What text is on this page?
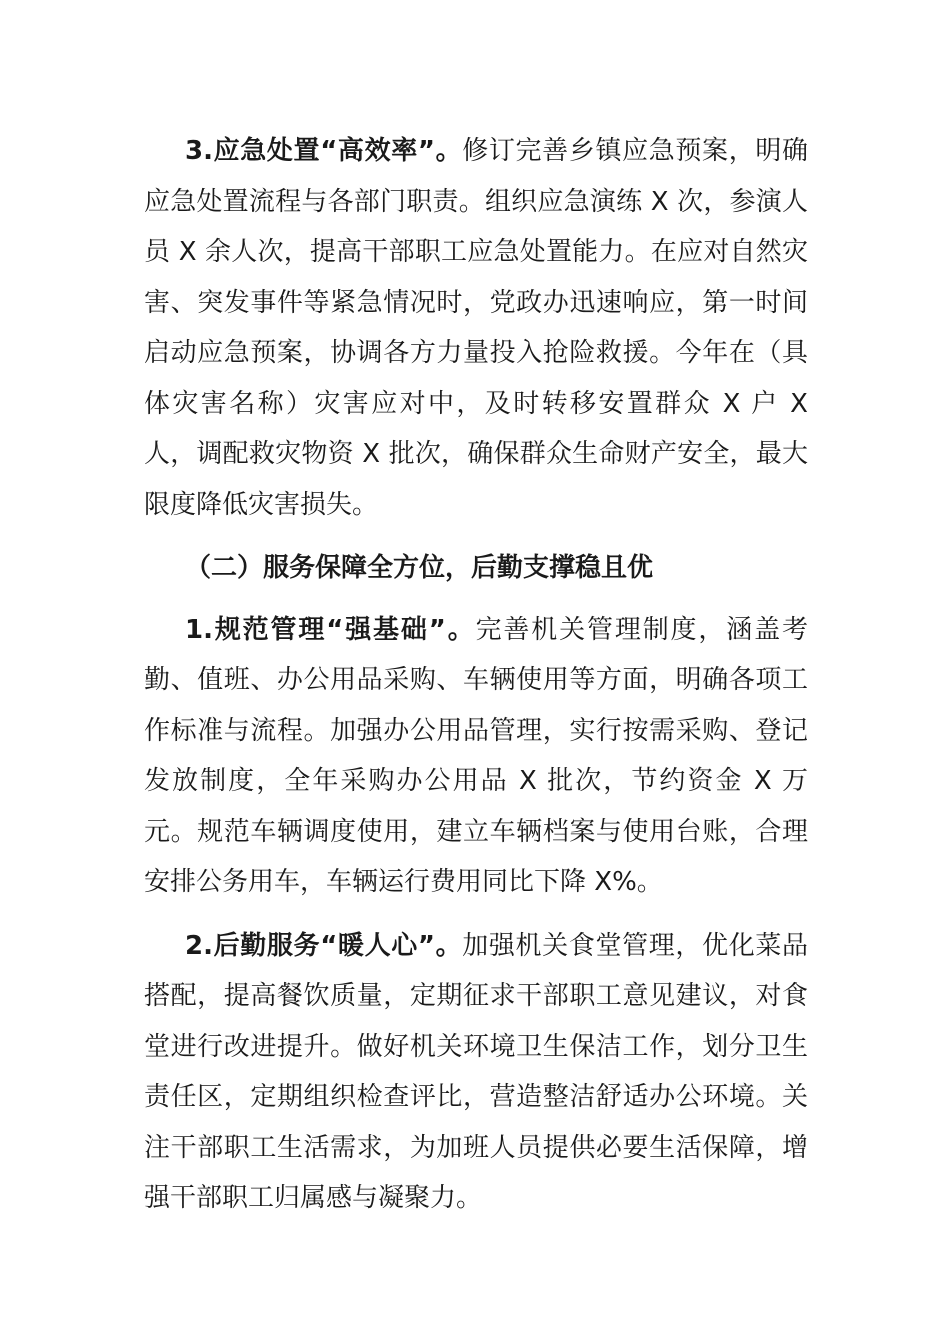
3.应急处置“高效率”。修订完善乡镇应急预案，明确应急处置流程与各部门职责。组织应急演练 X 次，参演人员 X 余人次，提高干部职工应急处置能力。在应对自然灾害、突发事件等紧急情况时，党政办迅速响应，第一时间启动应急预案，协调各方力量投入抢险救援。今年在（具体灾害名称）灾害应对中，及时转移安置群众 X 户 X 人，调配救灾物资 X 批次，确保群众生命财产安全，最大限度降低灾害损失。

（二）服务保障全方位，后勤支撑稳且优

1.规范管理“强基础”。完善机关管理制度，涵盖考勤、值班、办公用品采购、车辆使用等方面，明确各项工作标准与流程。加强办公用品管理，实行按需采购、登记发放制度，全年采购办公用品 X 批次，节约资金 X 万元。规范车辆调度使用，建立车辆档案与使用台账，合理安排公务用车，车辆运行费用同比下降 X%。

2.后勤服务“暖人心”。加强机关食堂管理，优化菜品搭配，提高餐饮质量，定期征求干部职工意见建议，对食堂进行改进提升。做好机关环境卫生保洁工作，划分卫生责任区，定期组织检查评比，营造整洁舒适办公环境。关注干部职工生活需求，为加班人员提供必要生活保障，增强干部职工归属感与凝聚力。
